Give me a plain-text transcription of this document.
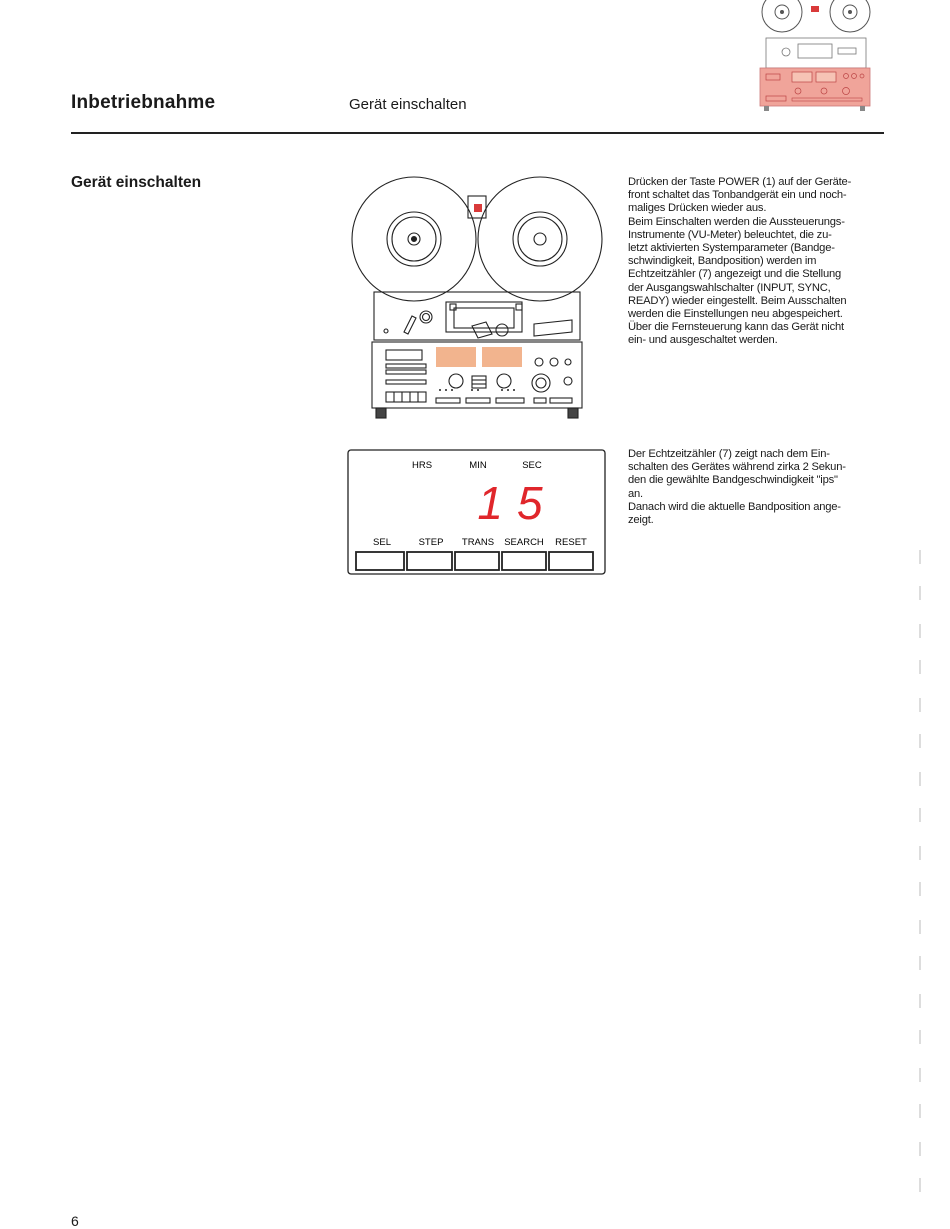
Inbetriebnahme	Gerät einschalten
Gerät einschalten	Drücken der Taste POWER (1) auf der Geräte-
front schaltet das Tonbandgerät ein und noch-
maliges Drücken wieder aus.
Beim Einschalten werden die Aussteuerungs-
Instrumente (VU-Meter) beleuchtet, die zu-
letzt aktivierten Systemparameter (Bandge-
schwindigkeit, Bandposition) werden im
Echtzeitzähler (7) angezeigt und die Stellung
der Ausgangswahlschalter (INPUT, SYNC,
READY) wieder eingestellt. Beim Ausschalten
werden die Einstellungen neu abgespeichert.
Über die Fernsteuerung kann das Gerät nicht
ein- und ausgeschaltet werden.
HRS	MIN	SEC
15
SEL	STEP TRANS SEARCH RESET
Der Echtzeitzähler (7) zeigt nach dem Ein-
schalten des Gerätes während zirka 2 Sekun-
den die gewählte Bandgeschwindigkeit "ips"
an.
Danach wird die aktuelle Bandposition ange-
zeigt.
6
